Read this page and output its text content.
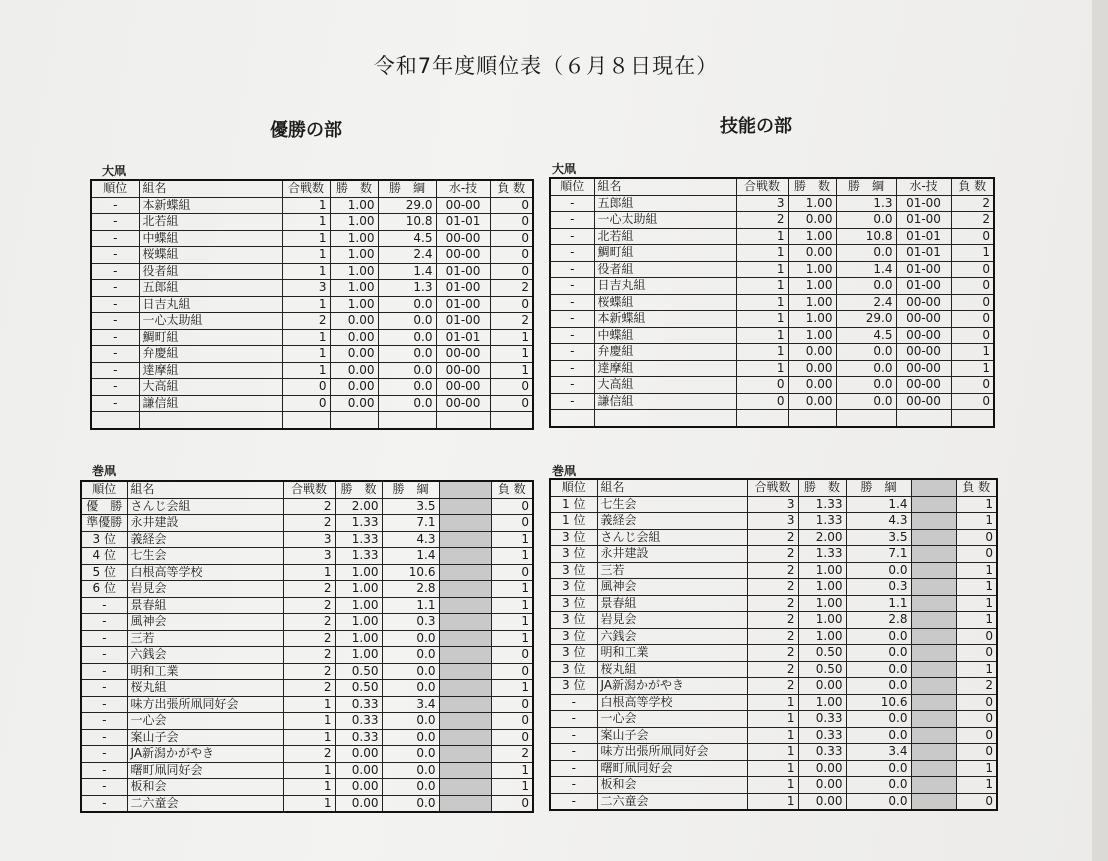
令和7年度順位表（６月８日現在）
優勝の部	技能の部
大凧	大凧
巻凧	巻凧
順位	組名	合戦数	勝　数	勝　綱	水-技	負 数
-	本新蝶組	1	1.00	29.0	00-00	0
-	北若組	1	1.00	10.8	01-01	0
-	中蝶組	1	1.00	4.5	00-00	0
-	桜蝶組	1	1.00	2.4	00-00	0
-	役者組	1	1.00	1.4	01-00	0
-	五郎組	3	1.00	1.3	01-00	2
-	日吉丸組	1	1.00	0.0	01-00	0
-	一心太助組	2	0.00	0.0	01-00	2
-	鯛町組	1	0.00	0.0	01-01	1
-	弁慶組	1	0.00	0.0	00-00	1
-	達摩組	1	0.00	0.0	00-00	1
-	大高組	0	0.00	0.0	00-00	0
-	謙信組	0	0.00	0.0	00-00	0

順位	組名	合戦数	勝　数	勝　綱	水-技	負 数
-	五郎組	3	1.00	1.3	01-00	2
-	一心太助組	2	0.00	0.0	01-00	2
-	北若組	1	1.00	10.8	01-01	0
-	鯛町組	1	0.00	0.0	01-01	1
-	役者組	1	1.00	1.4	01-00	0
-	日吉丸組	1	1.00	0.0	01-00	0
-	桜蝶組	1	1.00	2.4	00-00	0
-	本新蝶組	1	1.00	29.0	00-00	0
-	中蝶組	1	1.00	4.5	00-00	0
-	弁慶組	1	0.00	0.0	00-00	1
-	達摩組	1	0.00	0.0	00-00	1
-	大高組	0	0.00	0.0	00-00	0
-	謙信組	0	0.00	0.0	00-00	0

順位	組名	合戦数	勝　数	勝　綱		負 数
優　勝	さんじ会組	2	2.00	3.5		0
準優勝	永井建設	2	1.33	7.1		0
3 位	義経会	3	1.33	4.3		1
4 位	七生会	3	1.33	1.4		1
5 位	白根高等学校	1	1.00	10.6		0
6 位	岩見会	2	1.00	2.8		1
-	景春組	2	1.00	1.1		1
-	風神会	2	1.00	0.3		1
-	三若	2	1.00	0.0		1
-	六銭会	2	1.00	0.0		0
-	明和工業	2	0.50	0.0		0
-	桜丸組	2	0.50	0.0		1
-	味方出張所凧同好会	1	0.33	3.4		0
-	一心会	1	0.33	0.0		0
-	案山子会	1	0.33	0.0		0
-	JA新潟かがやき	2	0.00	0.0		2
-	曙町凧同好会	1	0.00	0.0		1
-	板和会	1	0.00	0.0		1
-	二六童会	1	0.00	0.0		0
順位	組名	合戦数	勝　数	勝　綱		負 数
1 位	七生会	3	1.33	1.4		1
1 位	義経会	3	1.33	4.3		1
3 位	さんじ会組	2	2.00	3.5		0
3 位	永井建設	2	1.33	7.1		0
3 位	三若	2	1.00	0.0		1
3 位	風神会	2	1.00	0.3		1
3 位	景春組	2	1.00	1.1		1
3 位	岩見会	2	1.00	2.8		1
3 位	六銭会	2	1.00	0.0		0
3 位	明和工業	2	0.50	0.0		0
3 位	桜丸組	2	0.50	0.0		1
3 位	JA新潟かがやき	2	0.00	0.0		2
-	白根高等学校	1	1.00	10.6		0
-	一心会	1	0.33	0.0		0
-	案山子会	1	0.33	0.0		0
-	味方出張所凧同好会	1	0.33	3.4		0
-	曙町凧同好会	1	0.00	0.0		1
-	板和会	1	0.00	0.0		1
-	二六童会	1	0.00	0.0		0
